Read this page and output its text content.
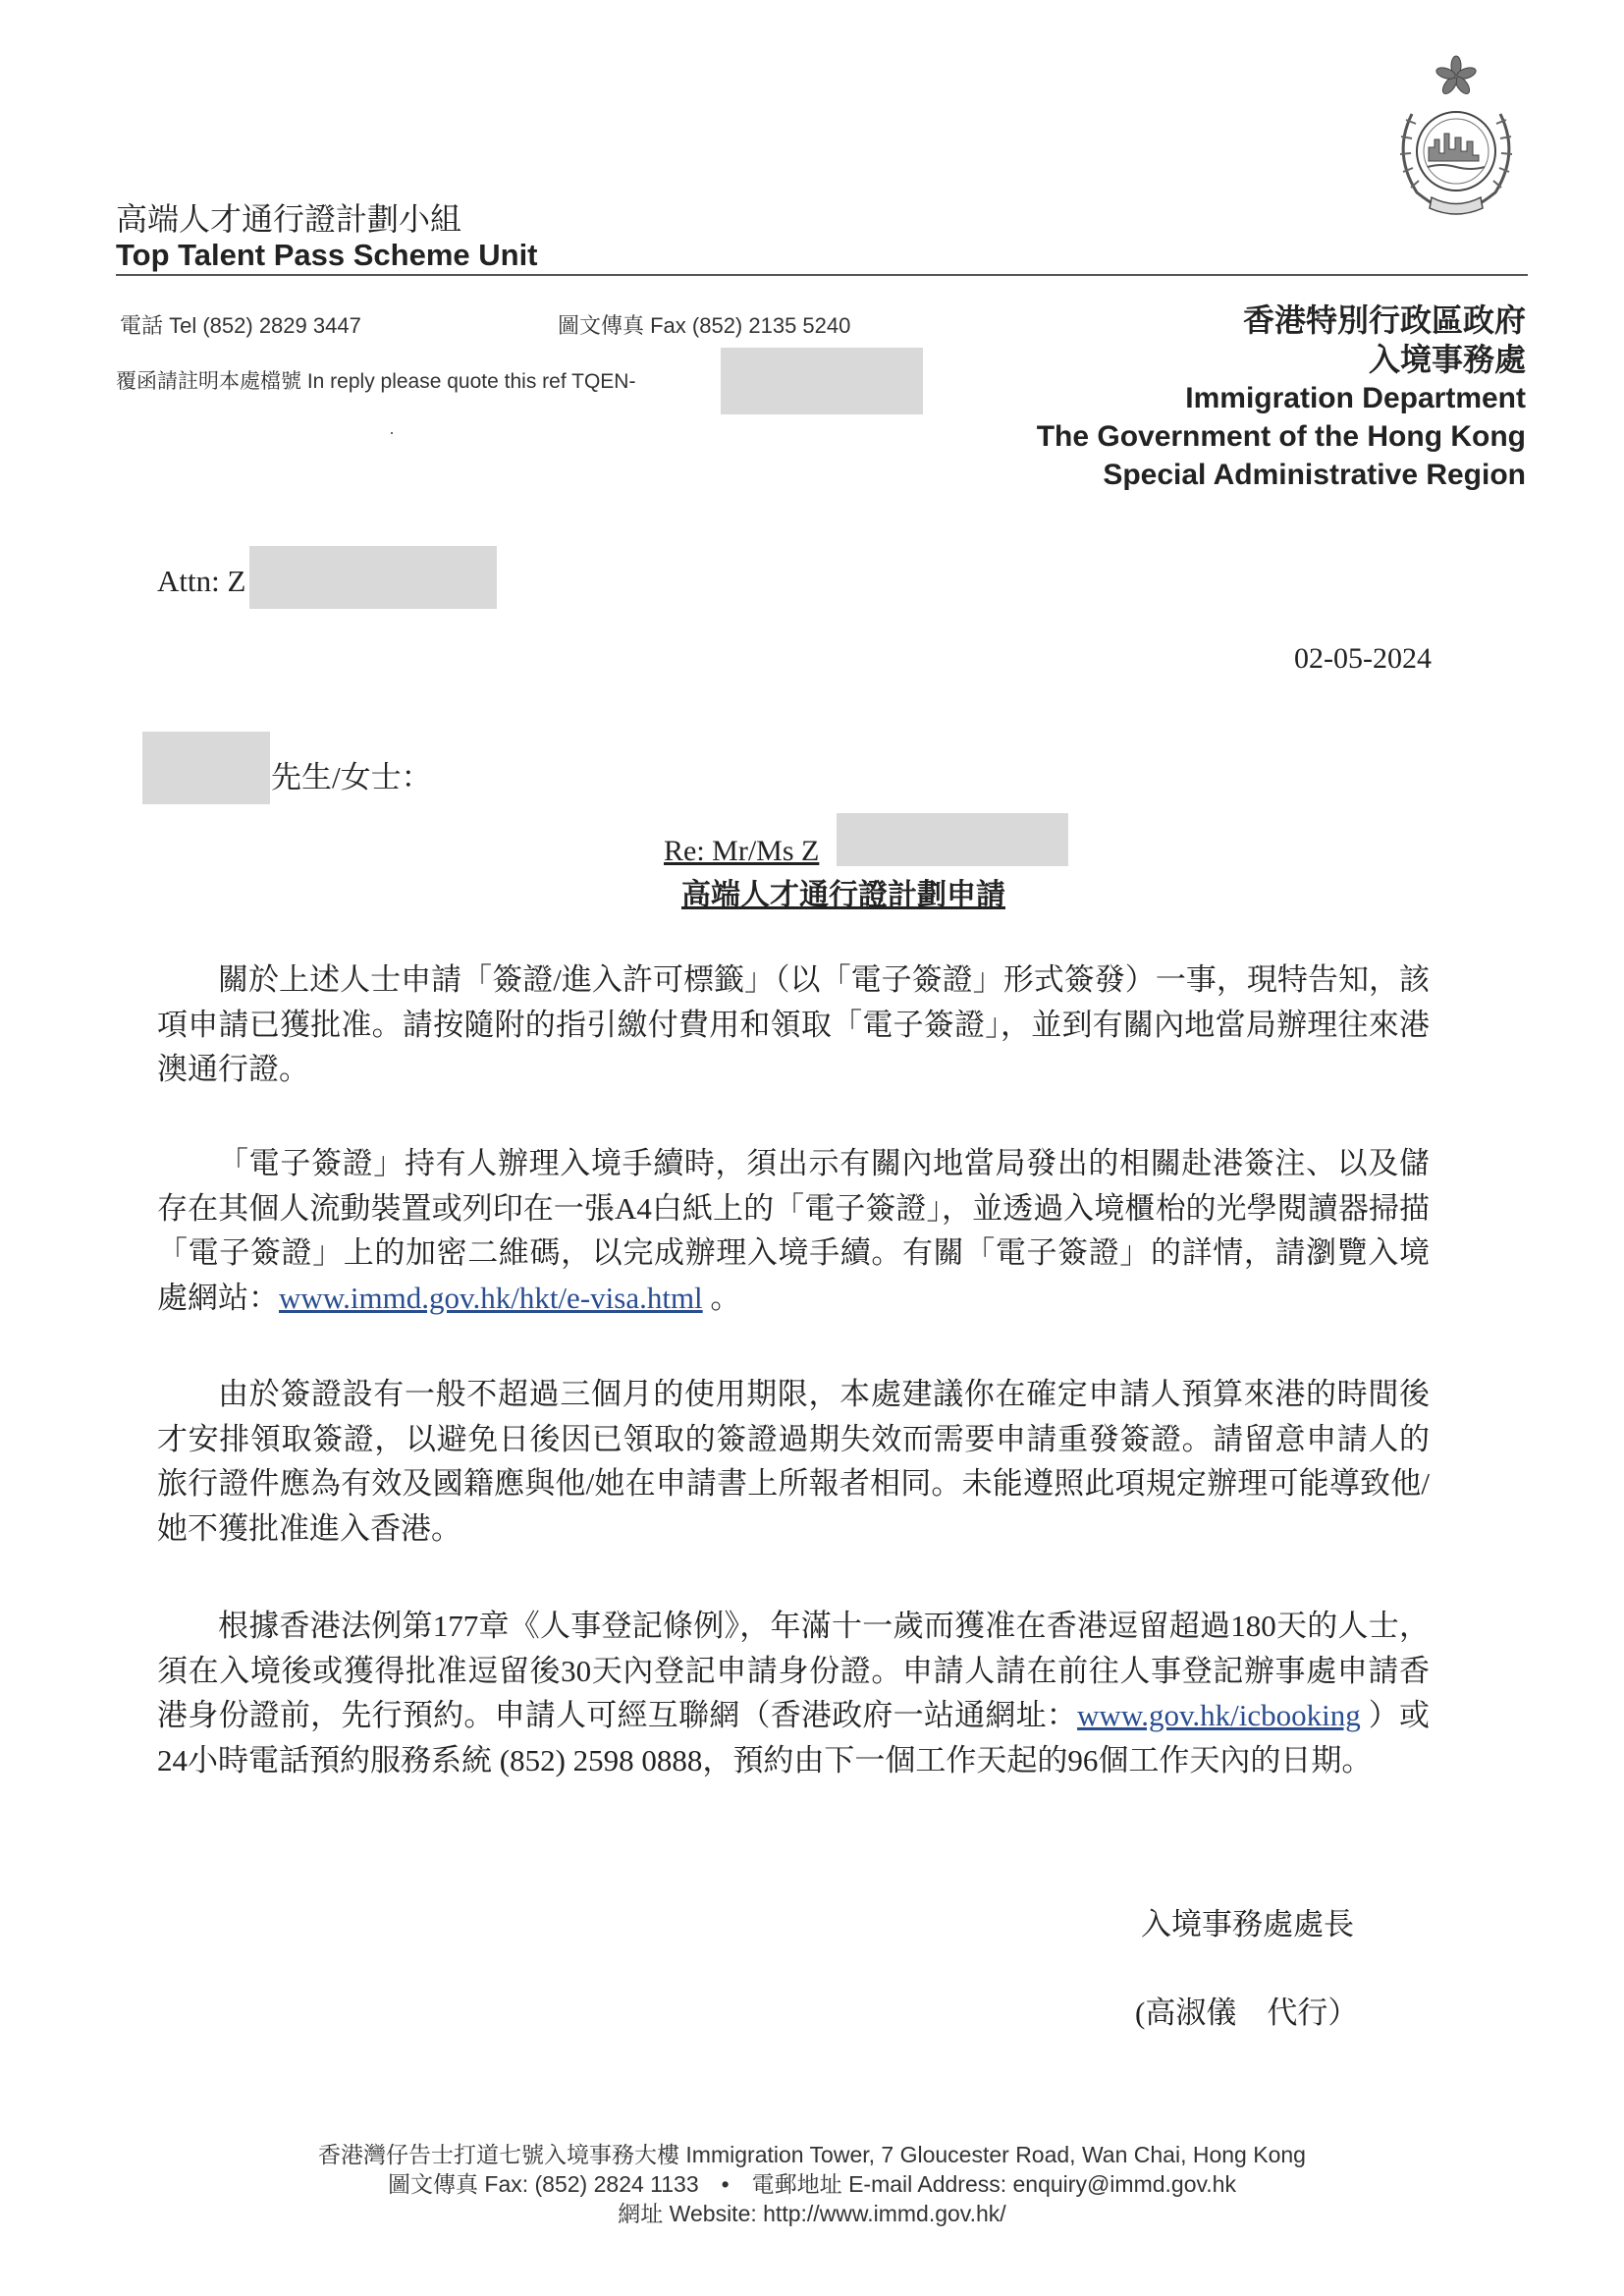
高端人才通行證計劃小組
Top Talent Pass Scheme Unit
電話 Tel (852) 2829 3447	圖文傳真 Fax (852) 2135 5240
覆函請註明本處檔號 In reply please quote this ref TQEN-
香港特別行政區政府
入境事務處
Immigration Department
The Government of the Hong Kong
Special Administrative Region
Attn: Z
02-05-2024
先生/女士：
Re: Mr/Ms Z
高端人才通行證計劃申請
關於上述人士申請「簽證/進入許可標籤」（以「電子簽證」形式簽發）一事，現特告知，該項申請已獲批准。請按隨附的指引繳付費用和領取「電子簽證」，並到有關內地當局辦理往來港澳通行證。
「電子簽證」持有人辦理入境手續時，須出示有關內地當局發出的相關赴港簽注、以及儲存在其個人流動裝置或列印在一張A4白紙上的「電子簽證」，並透過入境櫃枱的光學閱讀器掃描「電子簽證」上的加密二維碼，以完成辦理入境手續。有關「電子簽證」的詳情，請瀏覽入境處網站：www.immd.gov.hk/hkt/e-visa.html 。
由於簽證設有一般不超過三個月的使用期限，本處建議你在確定申請人預算來港的時間後才安排領取簽證，以避免日後因已領取的簽證過期失效而需要申請重發簽證。請留意申請人的旅行證件應為有效及國籍應與他/她在申請書上所報者相同。未能遵照此項規定辦理可能導致他/她不獲批准進入香港。
根據香港法例第177章《人事登記條例》，年滿十一歲而獲准在香港逗留超過180天的人士，須在入境後或獲得批准逗留後30天內登記申請身份證。申請人請在前往人事登記辦事處申請香港身份證前，先行預約。申請人可經互聯網（香港政府一站通網址：www.gov.hk/icbooking ）或24小時電話預約服務系統 (852) 2598 0888，預約由下一個工作天起的96個工作天內的日期。
入境事務處處長
(高淑儀　代行）
香港灣仔告士打道七號入境事務大樓 Immigration Tower, 7 Gloucester Road, Wan Chai, Hong Kong
圖文傳真 Fax: (852) 2824 1133　•　電郵地址 E-mail Address: enquiry@immd.gov.hk
網址 Website: http://www.immd.gov.hk/
